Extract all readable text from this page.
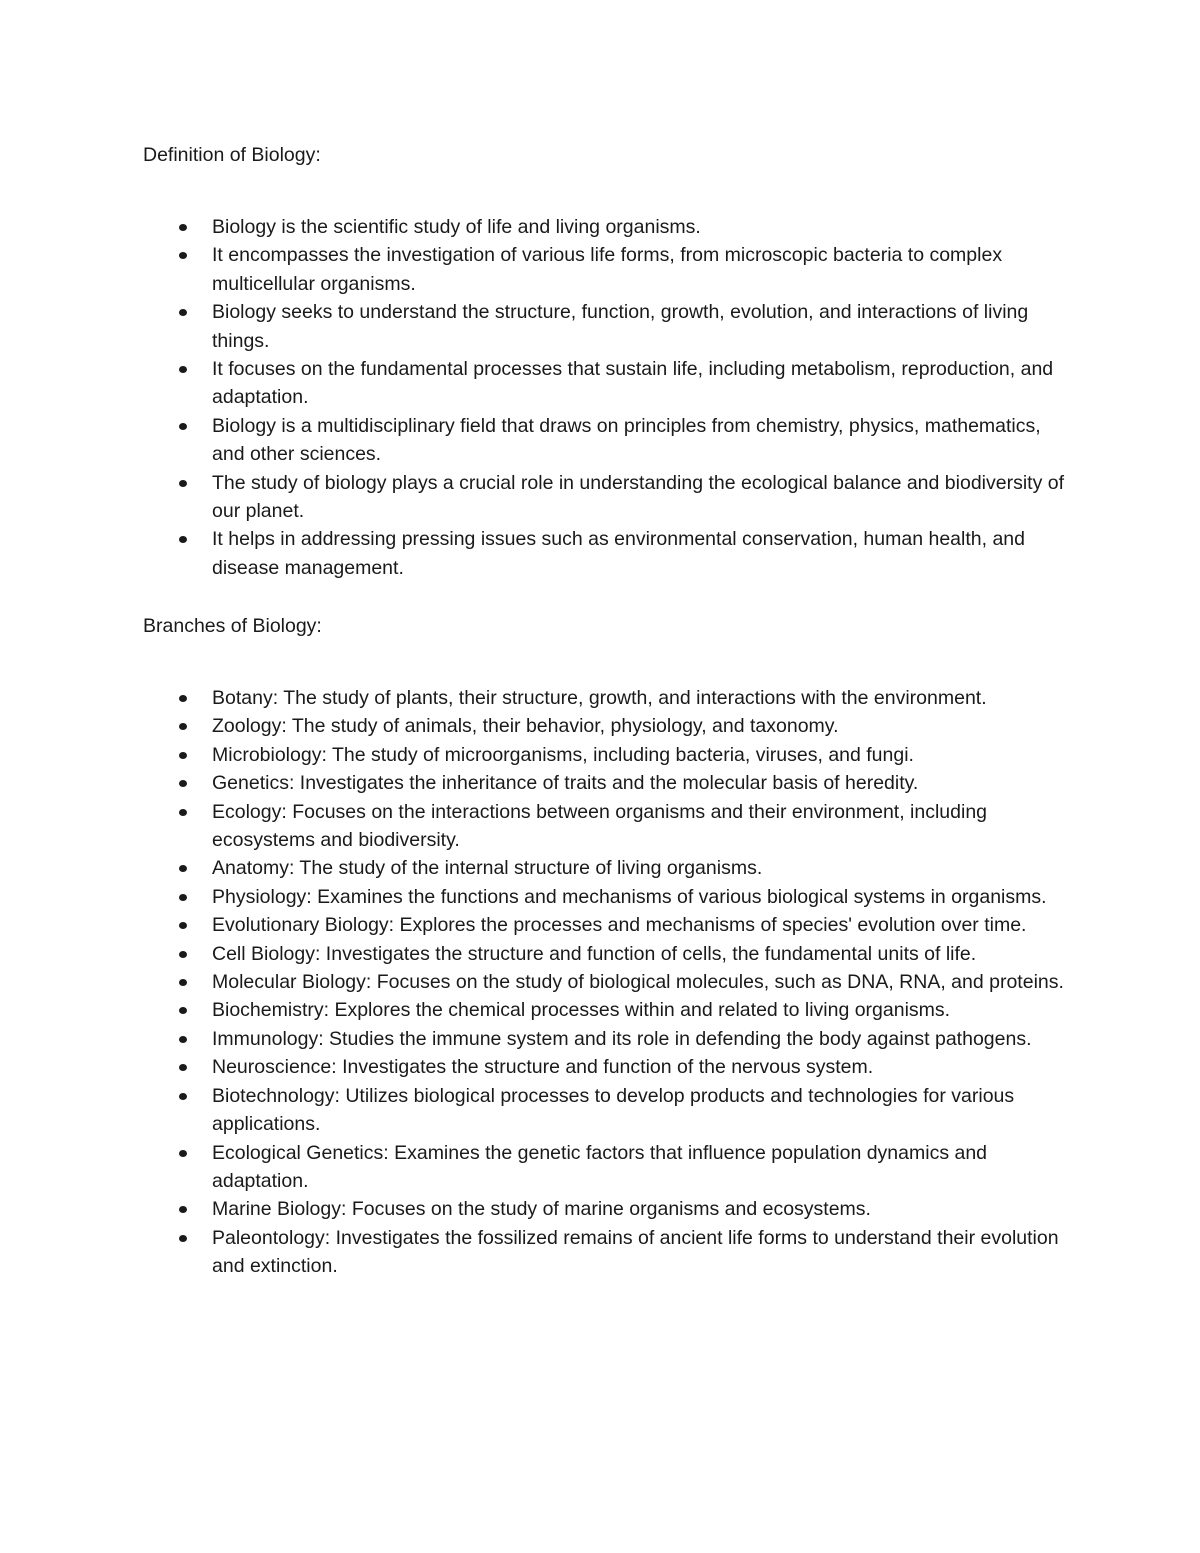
Definition of Biology:
Biology is the scientific study of life and living organisms.
It encompasses the investigation of various life forms, from microscopic bacteria to complex multicellular organisms.
Biology seeks to understand the structure, function, growth, evolution, and interactions of living things.
It focuses on the fundamental processes that sustain life, including metabolism, reproduction, and adaptation.
Biology is a multidisciplinary field that draws on principles from chemistry, physics, mathematics, and other sciences.
The study of biology plays a crucial role in understanding the ecological balance and biodiversity of our planet.
It helps in addressing pressing issues such as environmental conservation, human health, and disease management.
Branches of Biology:
Botany: The study of plants, their structure, growth, and interactions with the environment.
Zoology: The study of animals, their behavior, physiology, and taxonomy.
Microbiology: The study of microorganisms, including bacteria, viruses, and fungi.
Genetics: Investigates the inheritance of traits and the molecular basis of heredity.
Ecology: Focuses on the interactions between organisms and their environment, including ecosystems and biodiversity.
Anatomy: The study of the internal structure of living organisms.
Physiology: Examines the functions and mechanisms of various biological systems in organisms.
Evolutionary Biology: Explores the processes and mechanisms of species' evolution over time.
Cell Biology: Investigates the structure and function of cells, the fundamental units of life.
Molecular Biology: Focuses on the study of biological molecules, such as DNA, RNA, and proteins.
Biochemistry: Explores the chemical processes within and related to living organisms.
Immunology: Studies the immune system and its role in defending the body against pathogens.
Neuroscience: Investigates the structure and function of the nervous system.
Biotechnology: Utilizes biological processes to develop products and technologies for various applications.
Ecological Genetics: Examines the genetic factors that influence population dynamics and adaptation.
Marine Biology: Focuses on the study of marine organisms and ecosystems.
Paleontology: Investigates the fossilized remains of ancient life forms to understand their evolution and extinction.
